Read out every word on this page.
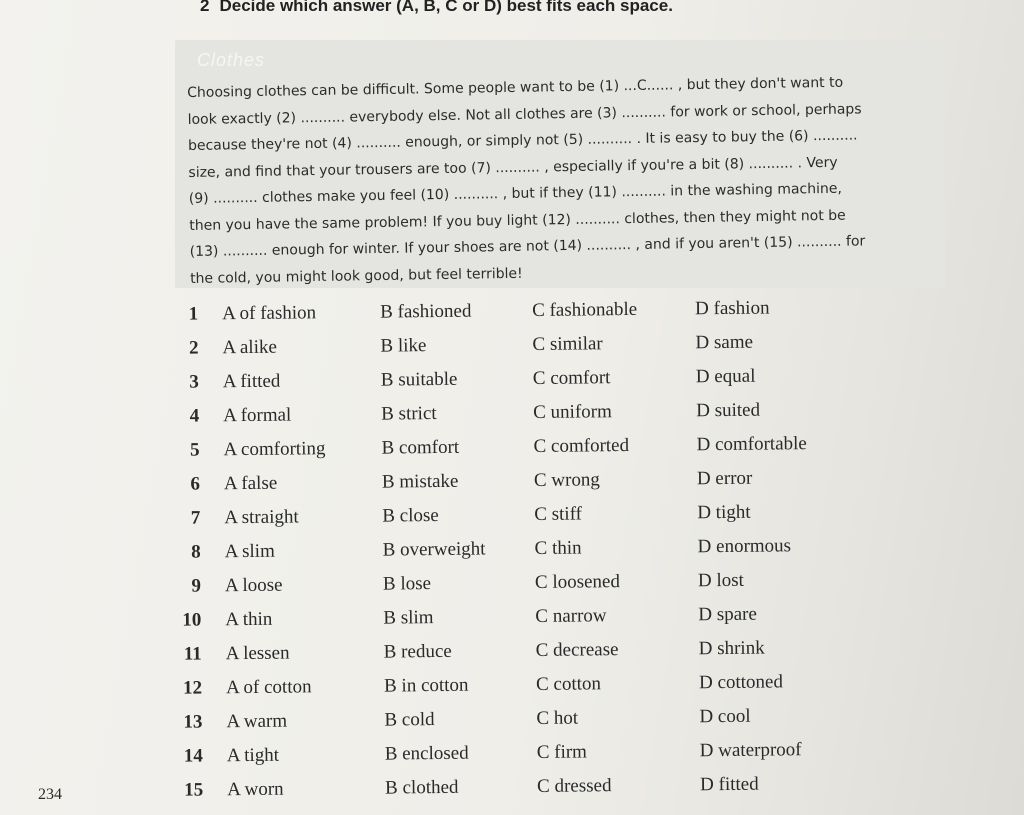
2 Decide which answer (A, B, C or D) best fits each space.
Clothes
Choosing clothes can be difficult. Some people want to be (1) ...C...... , but they don't want to
look exactly (2) .......... everybody else. Not all clothes are (3) .......... for work or school, perhaps
because they're not (4) .......... enough, or simply not (5) .......... . It is easy to buy the (6) ..........
size, and find that your trousers are too (7) .......... , especially if you're a bit (8) .......... . Very
(9) .......... clothes make you feel (10) .......... , but if they (11) .......... in the washing machine,
then you have the same problem! If you buy light (12) .......... clothes, then they might not be
(13) .......... enough for winter. If your shoes are not (14) .......... , and if you aren't (15) .......... for
the cold, you might look good, but feel terrible!
1 A of fashion	B fashioned	C fashionable	D fashion
2 A alike	B like	C similar	D same
3 A fitted	B suitable	C comfort	D equal
4 A formal	B strict	C uniform	D suited
5 A comforting	B comfort	C comforted	D comfortable
6 A false	B mistake	C wrong	D error
7 A straight	B close	C stiff	D tight
8 A slim	B overweight	C thin	D enormous
9 A loose	B lose	C loosened	D lost
10 A thin	B slim	C narrow	D spare
11 A lessen	B reduce	C decrease	D shrink
12 A of cotton	B in cotton	C cotton	D cottoned
13 A warm	B cold	C hot	D cool
14 A tight	B enclosed	C firm	D waterproof
15 A worn	B clothed	C dressed	D fitted
234
